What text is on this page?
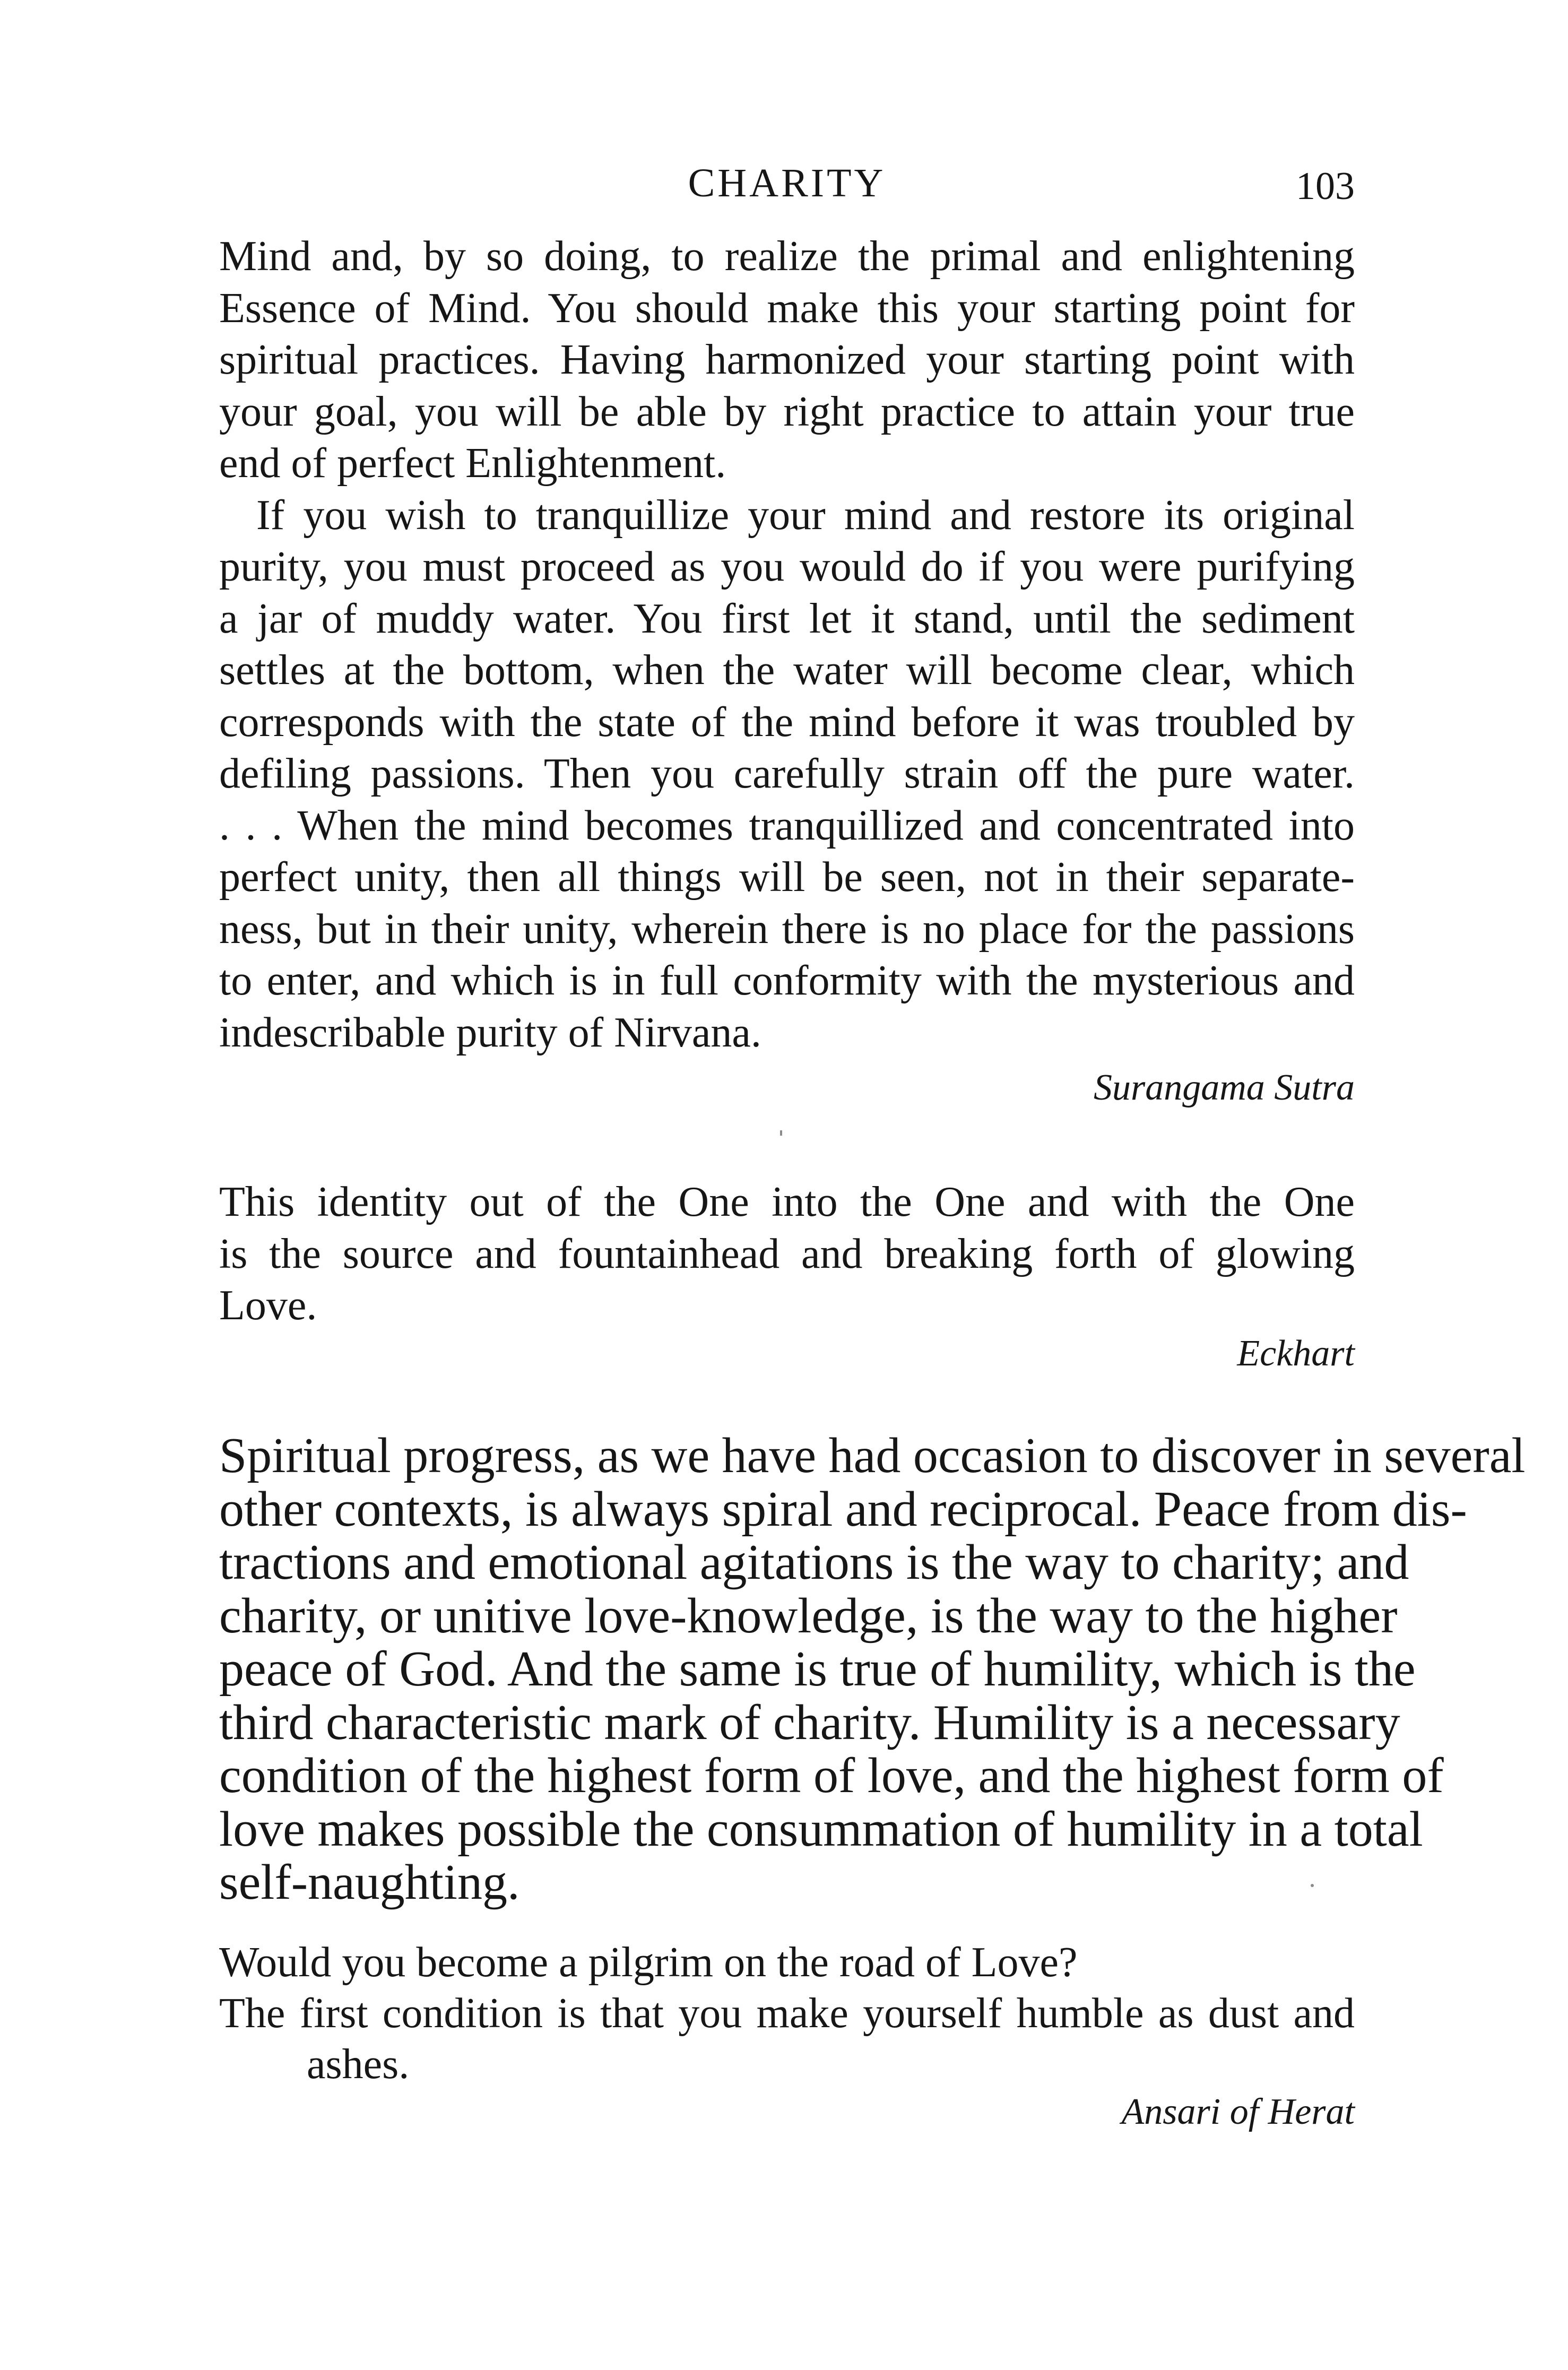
CHARITY	103
Mind and, by so doing, to realize the primal and enlightening
Essence of Mind. You should make this your starting point for
spiritual practices. Having harmonized your starting point with
your goal, you will be able by right practice to attain your true
end of perfect Enlightenment.
If you wish to tranquillize your mind and restore its original
purity, you must proceed as you would do if you were purifying
a jar of muddy water. You first let it stand, until the sediment
settles at the bottom, when the water will become clear, which
corresponds with the state of the mind before it was troubled by
defiling passions. Then you carefully strain off the pure water.
. . . When the mind becomes tranquillized and concentrated into
perfect unity, then all things will be seen, not in their separate-
ness, but in their unity, wherein there is no place for the passions
to enter, and which is in full conformity with the mysterious and
indescribable purity of Nirvana.
Surangama Sutra
This identity out of the One into the One and with the One
is the source and fountainhead and breaking forth of glowing
Love.
Eckhart
Spiritual progress, as we have had occasion to discover in several
other contexts, is always spiral and reciprocal. Peace from dis-
tractions and emotional agitations is the way to charity; and
charity, or unitive love-knowledge, is the way to the higher
peace of God. And the same is true of humility, which is the
third characteristic mark of charity. Humility is a necessary
condition of the highest form of love, and the highest form of
love makes possible the consummation of humility in a total
self-naughting.
Would you become a pilgrim on the road of Love?
The first condition is that you make yourself humble as dust and
ashes.
Ansari of Herat
